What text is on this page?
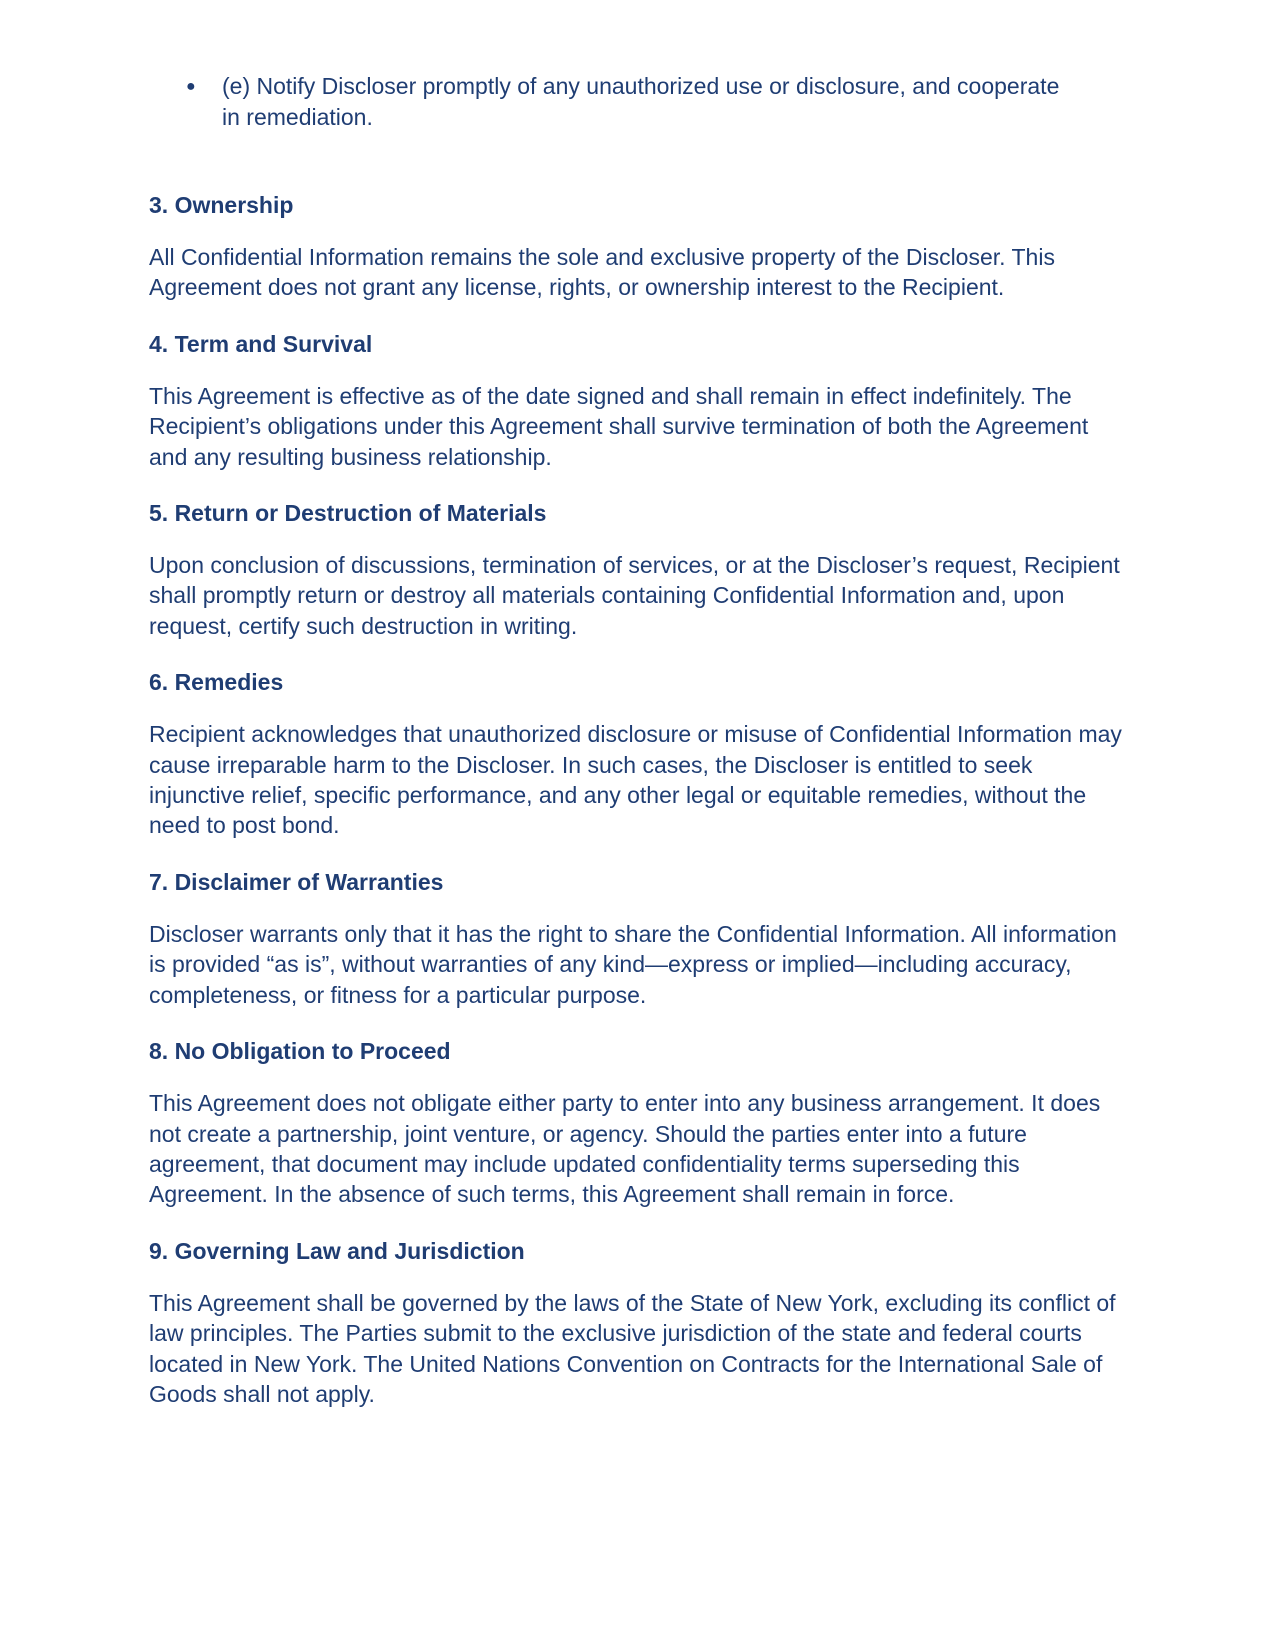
●	(e) Notify Discloser promptly of any unauthorized use or disclosure, and cooperate in remediation.
3. Ownership

All Confidential Information remains the sole and exclusive property of the Discloser. This Agreement does not grant any license, rights, or ownership interest to the Recipient.

4. Term and Survival

This Agreement is effective as of the date signed and shall remain in effect indefinitely. The Recipient’s obligations under this Agreement shall survive termination of both the Agreement and any resulting business relationship.

5. Return or Destruction of Materials

Upon conclusion of discussions, termination of services, or at the Discloser’s request, Recipient shall promptly return or destroy all materials containing Confidential Information and, upon request, certify such destruction in writing.

6. Remedies

Recipient acknowledges that unauthorized disclosure or misuse of Confidential Information may cause irreparable harm to the Discloser. In such cases, the Discloser is entitled to seek injunctive relief, specific performance, and any other legal or equitable remedies, without the need to post bond.

7. Disclaimer of Warranties

Discloser warrants only that it has the right to share the Confidential Information. All information is provided “as is”, without warranties of any kind—express or implied—including accuracy, completeness, or fitness for a particular purpose.

8. No Obligation to Proceed

This Agreement does not obligate either party to enter into any business arrangement. It does not create a partnership, joint venture, or agency. Should the parties enter into a future agreement, that document may include updated confidentiality terms superseding this Agreement. In the absence of such terms, this Agreement shall remain in force.

9. Governing Law and Jurisdiction

This Agreement shall be governed by the laws of the State of New York, excluding its conflict of law principles. The Parties submit to the exclusive jurisdiction of the state and federal courts located in New York. The United Nations Convention on Contracts for the International Sale of Goods shall not apply.
